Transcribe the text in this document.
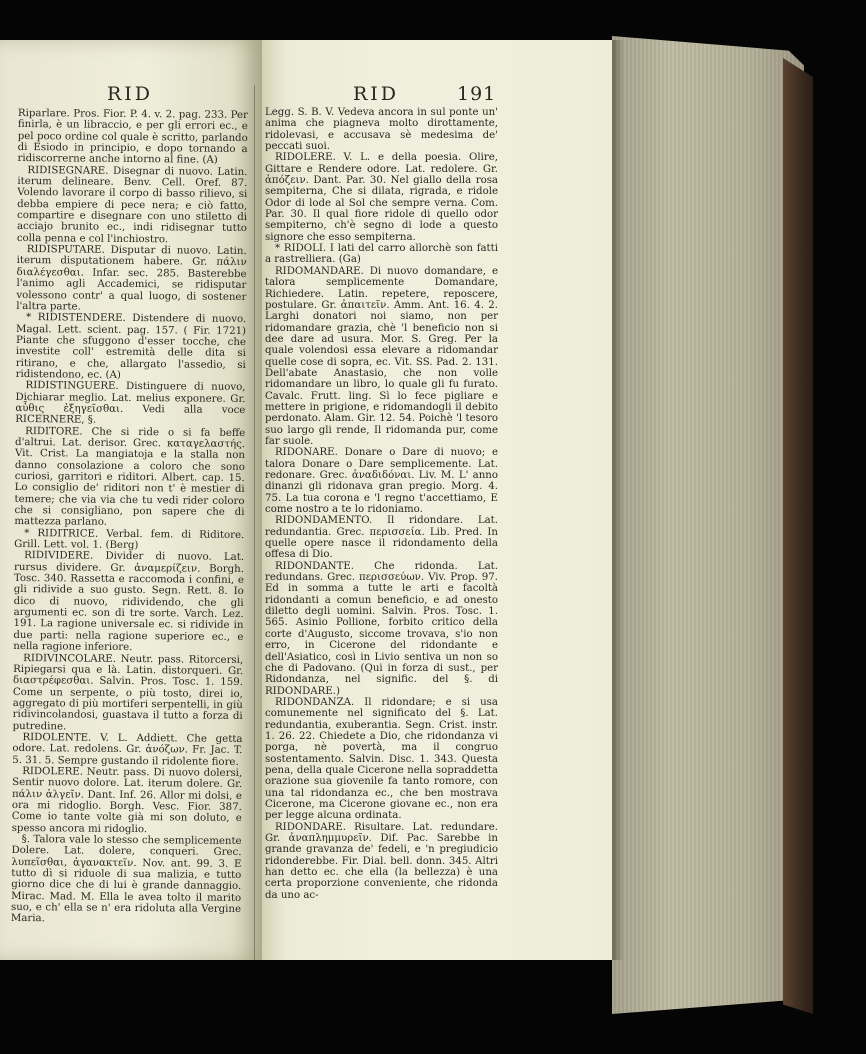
RID	RID	191

Riparlare. Pros. Fior. P. 4. v. 2. pag. 233. Per finirla, è un libraccio, e per gli errori ec., e pel poco ordine col quale è scritto, parlando di Esiodo in principio, e dopo tornando a ridiscorrerne anche intorno al fine. (A)

RIDISEGNARE. Disegnar di nuovo. Latin. iterum delineare. Benv. Cell. Oref. 87. Volendo lavorare il corpo di basso rilievo, si debba empiere di pece nera; e ciò fatto, compartire e disegnare con uno stiletto di acciajo brunito ec., indi ridisegnar tutto colla penna e col l'inchiostro.

RIDISPUTARE. Disputar di nuovo. Latin. iterum disputationem habere. Gr. πάλιν διαλέγεσθαι. Infar. sec. 285. Basterebbe l'animo agli Accademici, se ridisputar volessono contr' a qual luogo, di sostener l'altra parte.

* RIDISTENDERE. Distendere di nuovo. Magal. Lett. scient. pag. 157. ( Fir. 1721) Piante che sfuggono d'esser tocche, che investite coll' estremità delle dita si ritirano, e che, allargato l'assedio, si ridistendono, ec. (A)

RIDISTINGUERE. Distinguere di nuovo, Dichiarar meglio. Lat. melius exponere. Gr. αὖθις ἐξηγεῖσθαι. Vedi alla voce RICERNERE, §.

RIDITORE. Che si ride o si fa beffe d'altrui. Lat. derisor. Grec. καταγελαστής. Vit. Crist. La mangiatoja e la stalla non danno consolazione a coloro che sono curiosi, garritori e riditori. Albert. cap. 15. Lo consiglio de' riditori non t' è mestier di temere; che via via che tu vedi rider coloro che si consigliano, pon sapere che di mattezza parlano.

* RIDITRICE. Verbal. fem. di Riditore. Grill. Lett. vol. 1. (Berg)

RIDIVIDERE. Divider di nuovo. Lat. rursus dividere. Gr. ἀναμερίζειν. Borgh. Tosc. 340. Rassetta e raccomoda i confini, e gli ridivide a suo gusto. Segn. Rett. 8. Io dico di nuovo, ridividendo, che gli argumenti ec. son di tre sorte. Varch. Lez. 191. La ragione universale ec. si ridivide in due parti: nella ragione superiore ec., e nella ragione inferiore.

RIDIVINCOLARE. Neutr. pass. Ritorcersi, Ripiegarsi qua e là. Latin. distorqueri. Gr. διαστρέφεσθαι. Salvin. Pros. Tosc. 1. 159. Come un serpente, o più tosto, direi io, aggregato di più mortiferi serpentelli, in giù ridivincolandosi, guastava il tutto a forza di putredine.

RIDOLENTE. V. L. Addiett. Che getta odore. Lat. redolens. Gr. ἀνόζων. Fr. Jac. T. 5. 31. 5. Sempre gustando il ridolente fiore.

RIDOLERE. Neutr. pass. Di nuovo dolersi, Sentir nuovo dolore. Lat. iterum dolere. Gr. πάλιν ἀλγεῖν. Dant. Inf. 26. Allor mi dolsi, e ora mi ridoglio. Borgh. Vesc. Fior. 387. Come io tante volte già mi son doluto, e spesso ancora mi ridoglio.

§. Talora vale lo stesso che semplicemente Dolere. Lat. dolere, conqueri. Grec. λυπεῖσθαι, ἀγανακτεῖν. Nov. ant. 99. 3. E tutto dì si riduole di sua malizia, e tutto giorno dice che di lui è grande dannaggio. Mirac. Mad. M. Ella le avea tolto il marito suo, e ch' ella se n' era ridoluta alla Vergine Maria.

Legg. S. B. V. Vedeva ancora in sul ponte un' anima che piagneva molto dirottamente, ridolevasi, e accusava sè medesima de' peccati suoi.

RIDOLERE. V. L. e della poesia. Olire, Gittare e Rendere odore. Lat. redolere. Gr. ἀπόζειν. Dant. Par. 30. Nel giallo della rosa sempiterna, Che si dilata, rigrada, e ridole Odor di lode al Sol che sempre verna. Com. Par. 30. Il qual fiore ridole di quello odor sempiterno, ch'è segno di lode a questo signore che esso sempiterna.

* RIDOLI. I lati del carro allorchè son fatti a rastrelliera. (Ga)

RIDOMANDARE. Di nuovo domandare, e talora semplicemente Domandare, Richiedere. Latin. repetere, reposcere, postulare. Gr. ἀπαιτεῖν. Amm. Ant. 16. 4. 2. Larghi donatori noi siamo, non per ridomandare grazia, chè 'l beneficio non si dee dare ad usura. Mor. S. Greg. Per la quale volendosi essa elevare a ridomandar quelle cose di sopra, ec. Vit. SS. Pad. 2. 131. Dell'abate Anastasio, che non volle ridomandare un libro, lo quale gli fu furato. Cavalc. Frutt. ling. Sì lo fece pigliare e mettere in prigione, e ridomandogli il debito perdonato. Alam. Gir. 12. 54. Poichè 'l tesoro suo largo gli rende, Il ridomanda pur, come far suole.

RIDONARE. Donare o Dare di nuovo; e talora Donare o Dare semplicemente. Lat. redonare. Grec. ἀναδιδόναι. Liv. M. L' anno dinanzi gli ridonava gran pregio. Morg. 4. 75. La tua corona e 'l regno t'accettiamo, E come nostro a te lo ridoniamo.

RIDONDAMENTO. Il ridondare. Lat. redundantia. Grec. περισσεία. Lib. Pred. In quelle opere nasce il ridondamento della offesa di Dio.

RIDONDANTE. Che ridonda. Lat. redundans. Grec. περισσεύων. Viv. Prop. 97. Ed in somma a tutte le arti e facoltà ridondanti a comun beneficio, e ad onesto diletto degli uomini. Salvin. Pros. Tosc. 1. 565. Asinio Pollione, forbito critico della corte d'Augusto, siccome trovava, s'io non erro, in Cicerone del ridondante e dell'Asiatico, così in Livio sentiva un non so che di Padovano. (Qui in forza di sust., per Ridondanza, nel signific. del §. di RIDONDARE.)

RIDONDANZA. Il ridondare; e si usa comunemente nel significato del §. Lat. redundantia, exuberantia. Segn. Crist. instr. 1. 26. 22. Chiedete a Dio, che ridondanza vi porga, nè povertà, ma il congruo sostentamento. Salvin. Disc. 1. 343. Questa pena, della quale Cicerone nella sopraddetta orazione sua giovenile fa tanto romore, con una tal ridondanza ec., che ben mostrava Cicerone, ma Cicerone giovane ec., non era per legge alcuna ordinata.

RIDONDARE. Risultare. Lat. redundare. Gr. ἀναπλημμυρεῖν. Dif. Pac. Sarebbe in grande gravanza de' fedeli, e 'n pregiudicio ridonderebbe. Fir. Dial. bell. donn. 345. Altri han detto ec. che ella (la bellezza) è una certa proporzione conveniente, che ridonda da uno ac-
